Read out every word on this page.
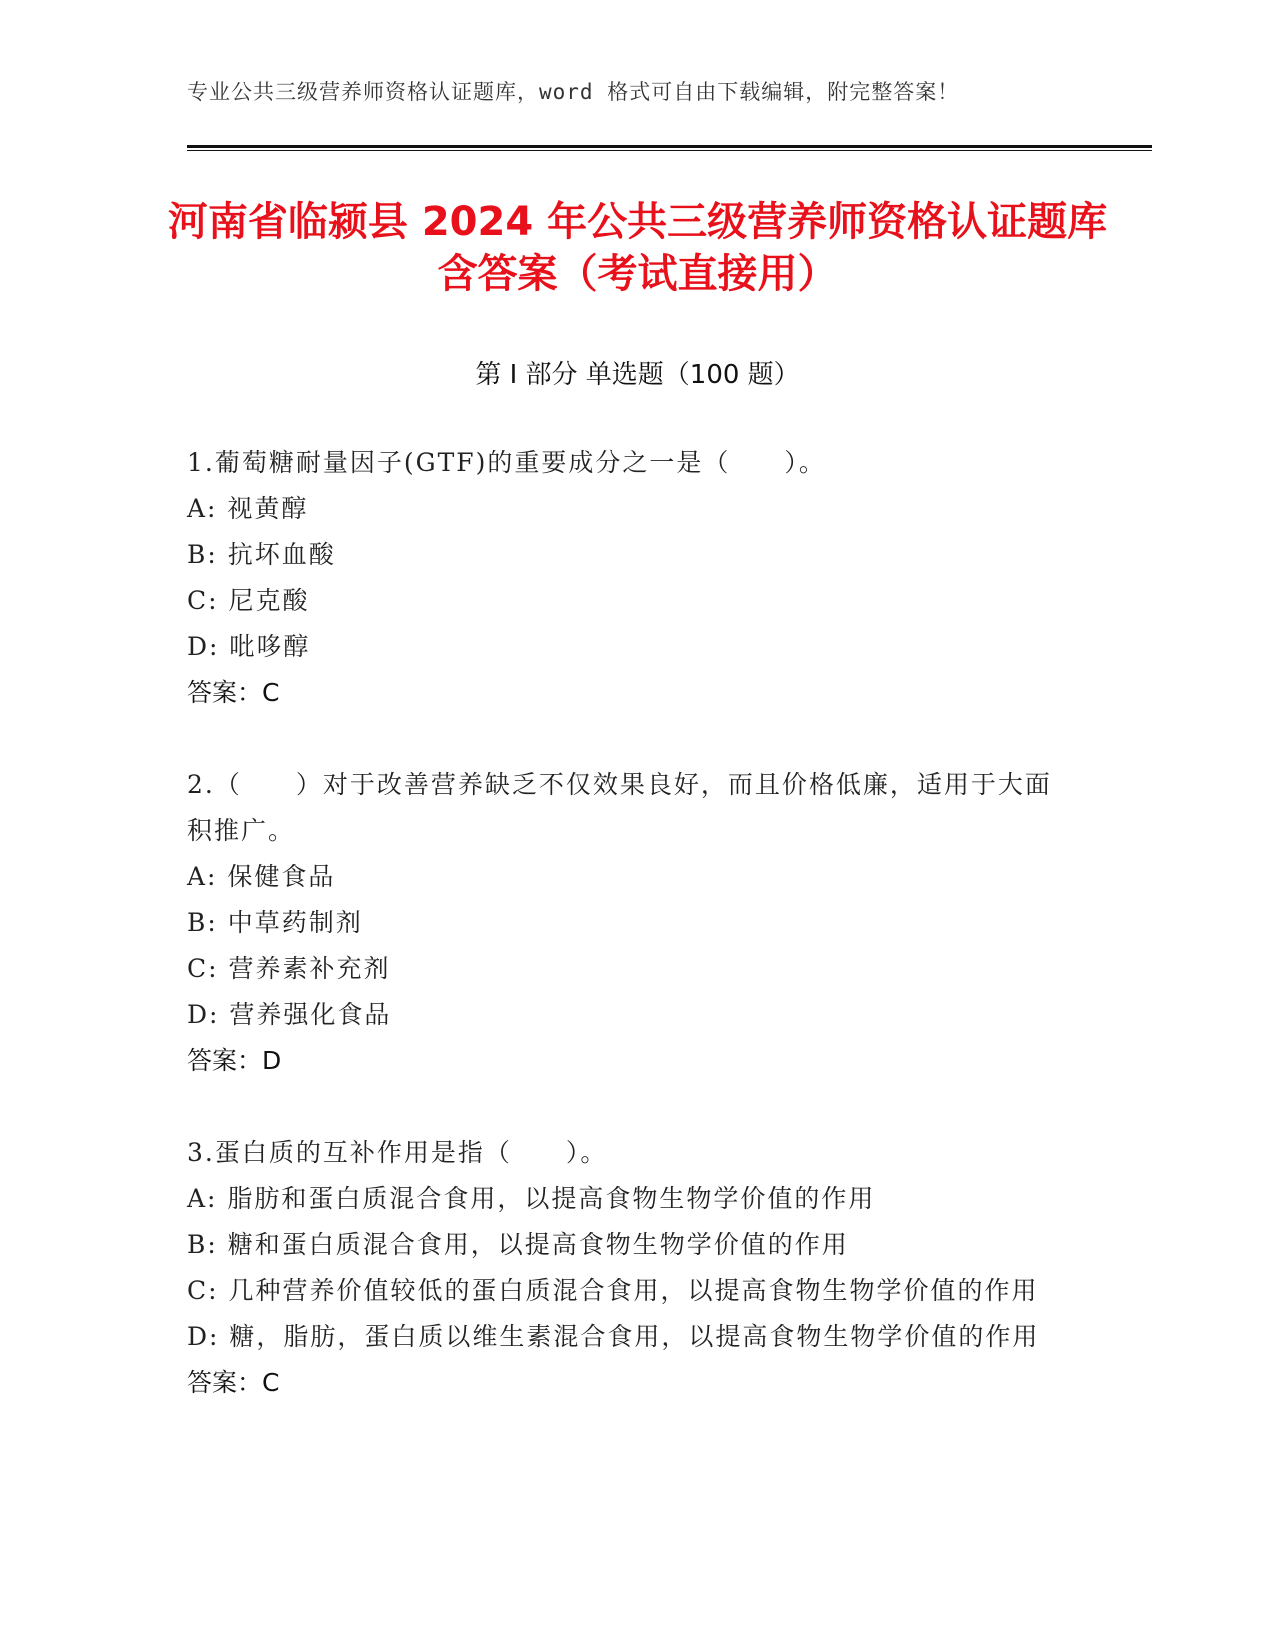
专业公共三级营养师资格认证题库，word 格式可自由下载编辑，附完整答案！
河南省临颍县 2024 年公共三级营养师资格认证题库含答案（考试直接用）
第 I 部分 单选题（100 题）
1.葡萄糖耐量因子(GTF)的重要成分之一是（　　）。
A: 视黄醇
B: 抗坏血酸
C: 尼克酸
D: 吡哆醇
答案：C
2.（　　）对于改善营养缺乏不仅效果良好，而且价格低廉，适用于大面积推广。
A: 保健食品
B: 中草药制剂
C: 营养素补充剂
D: 营养强化食品
答案：D
3.蛋白质的互补作用是指（　　）。
A: 脂肪和蛋白质混合食用，以提高食物生物学价值的作用
B: 糖和蛋白质混合食用，以提高食物生物学价值的作用
C: 几种营养价值较低的蛋白质混合食用，以提高食物生物学价值的作用
D: 糖，脂肪，蛋白质以维生素混合食用，以提高食物生物学价值的作用
答案：C
